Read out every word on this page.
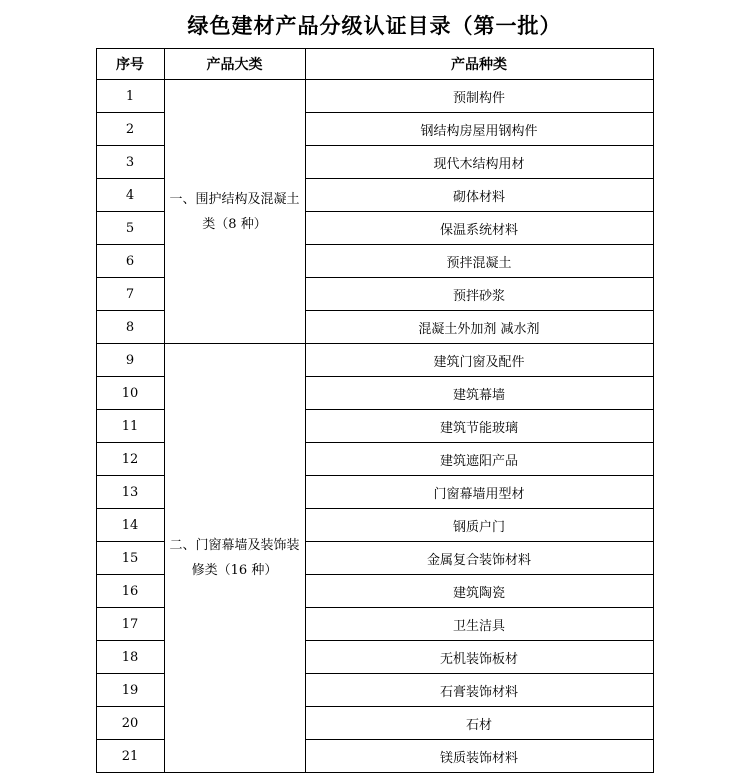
绿色建材产品分级认证目录（第一批）
序号	产品大类	产品种类
1	一、围护结构及混凝土类（8 种）	预制构件
2		钢结构房屋用钢构件
3		现代木结构用材
4		砌体材料
5		保温系统材料
6		预拌混凝土
7		预拌砂浆
8		混凝土外加剂 减水剂
9	二、门窗幕墙及装饰装修类（16 种）	建筑门窗及配件
10		建筑幕墙
11		建筑节能玻璃
12		建筑遮阳产品
13		门窗幕墙用型材
14		钢质户门
15		金属复合装饰材料
16		建筑陶瓷
17		卫生洁具
18		无机装饰板材
19		石膏装饰材料
20		石材
21		镁质装饰材料
